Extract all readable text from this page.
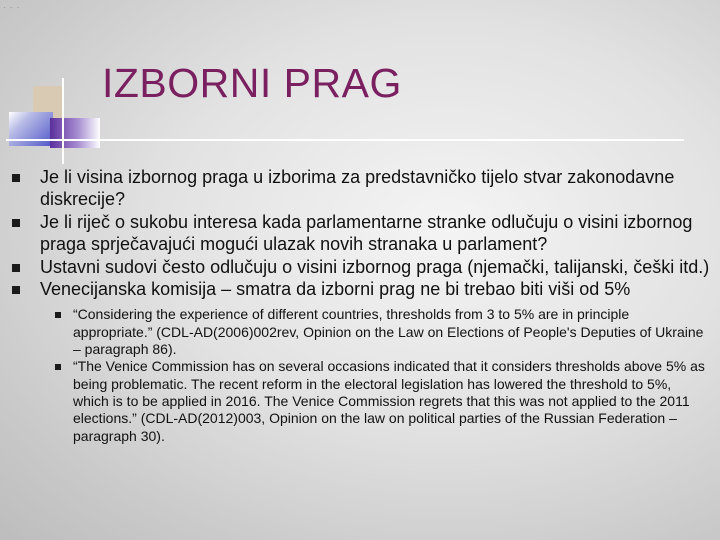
· · ·
IZBORNI PRAG
Je li visina izbornog praga u izborima za predstavničko tijelo stvar zakonodavne diskrecije?
Je li riječ o sukobu interesa kada parlamentarne stranke odlučuju o visini izbornog praga sprječavajući mogući ulazak novih stranaka u parlament?
Ustavni sudovi često odlučuju o visini izbornog praga (njemački, talijanski, češki itd.)
Venecijanska komisija – smatra da izborni prag ne bi trebao biti viši od 5%
“Considering the experience of different countries, thresholds from 3 to 5% are in principle appropriate.” (CDL-AD(2006)002rev, Opinion on the Law on Elections of People's Deputies of Ukraine – paragraph 86).
“The Venice Commission has on several occasions indicated that it considers thresholds above 5% as being problematic. The recent reform in the electoral legislation has lowered the threshold to 5%, which is to be applied in 2016. The Venice Commission regrets that this was not applied to the 2011 elections.” (CDL-AD(2012)003, Opinion on the law on political parties of the Russian Federation – paragraph 30).
